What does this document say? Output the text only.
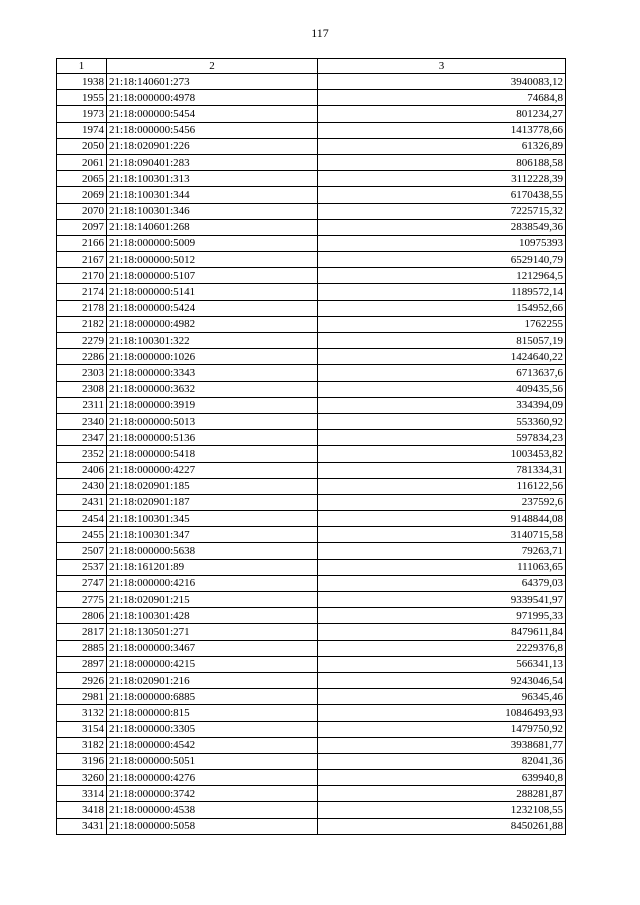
117
1	2	3
1938	21:18:140601:273	3940083,12
1955	21:18:000000:4978	74684,8
1973	21:18:000000:5454	801234,27
1974	21:18:000000:5456	1413778,66
2050	21:18:020901:226	61326,89
2061	21:18:090401:283	806188,58
2065	21:18:100301:313	3112228,39
2069	21:18:100301:344	6170438,55
2070	21:18:100301:346	7225715,32
2097	21:18:140601:268	2838549,36
2166	21:18:000000:5009	10975393
2167	21:18:000000:5012	6529140,79
2170	21:18:000000:5107	1212964,5
2174	21:18:000000:5141	1189572,14
2178	21:18:000000:5424	154952,66
2182	21:18:000000:4982	1762255
2279	21:18:100301:322	815057,19
2286	21:18:000000:1026	1424640,22
2303	21:18:000000:3343	6713637,6
2308	21:18:000000:3632	409435,56
2311	21:18:000000:3919	334394,09
2340	21:18:000000:5013	553360,92
2347	21:18:000000:5136	597834,23
2352	21:18:000000:5418	1003453,82
2406	21:18:000000:4227	781334,31
2430	21:18:020901:185	116122,56
2431	21:18:020901:187	237592,6
2454	21:18:100301:345	9148844,08
2455	21:18:100301:347	3140715,58
2507	21:18:000000:5638	79263,71
2537	21:18:161201:89	111063,65
2747	21:18:000000:4216	64379,03
2775	21:18:020901:215	9339541,97
2806	21:18:100301:428	971995,33
2817	21:18:130501:271	8479611,84
2885	21:18:000000:3467	2229376,8
2897	21:18:000000:4215	566341,13
2926	21:18:020901:216	9243046,54
2981	21:18:000000:6885	96345,46
3132	21:18:000000:815	10846493,93
3154	21:18:000000:3305	1479750,92
3182	21:18:000000:4542	3938681,77
3196	21:18:000000:5051	82041,36
3260	21:18:000000:4276	639940,8
3314	21:18:000000:3742	288281,87
3418	21:18:000000:4538	1232108,55
3431	21:18:000000:5058	8450261,88
